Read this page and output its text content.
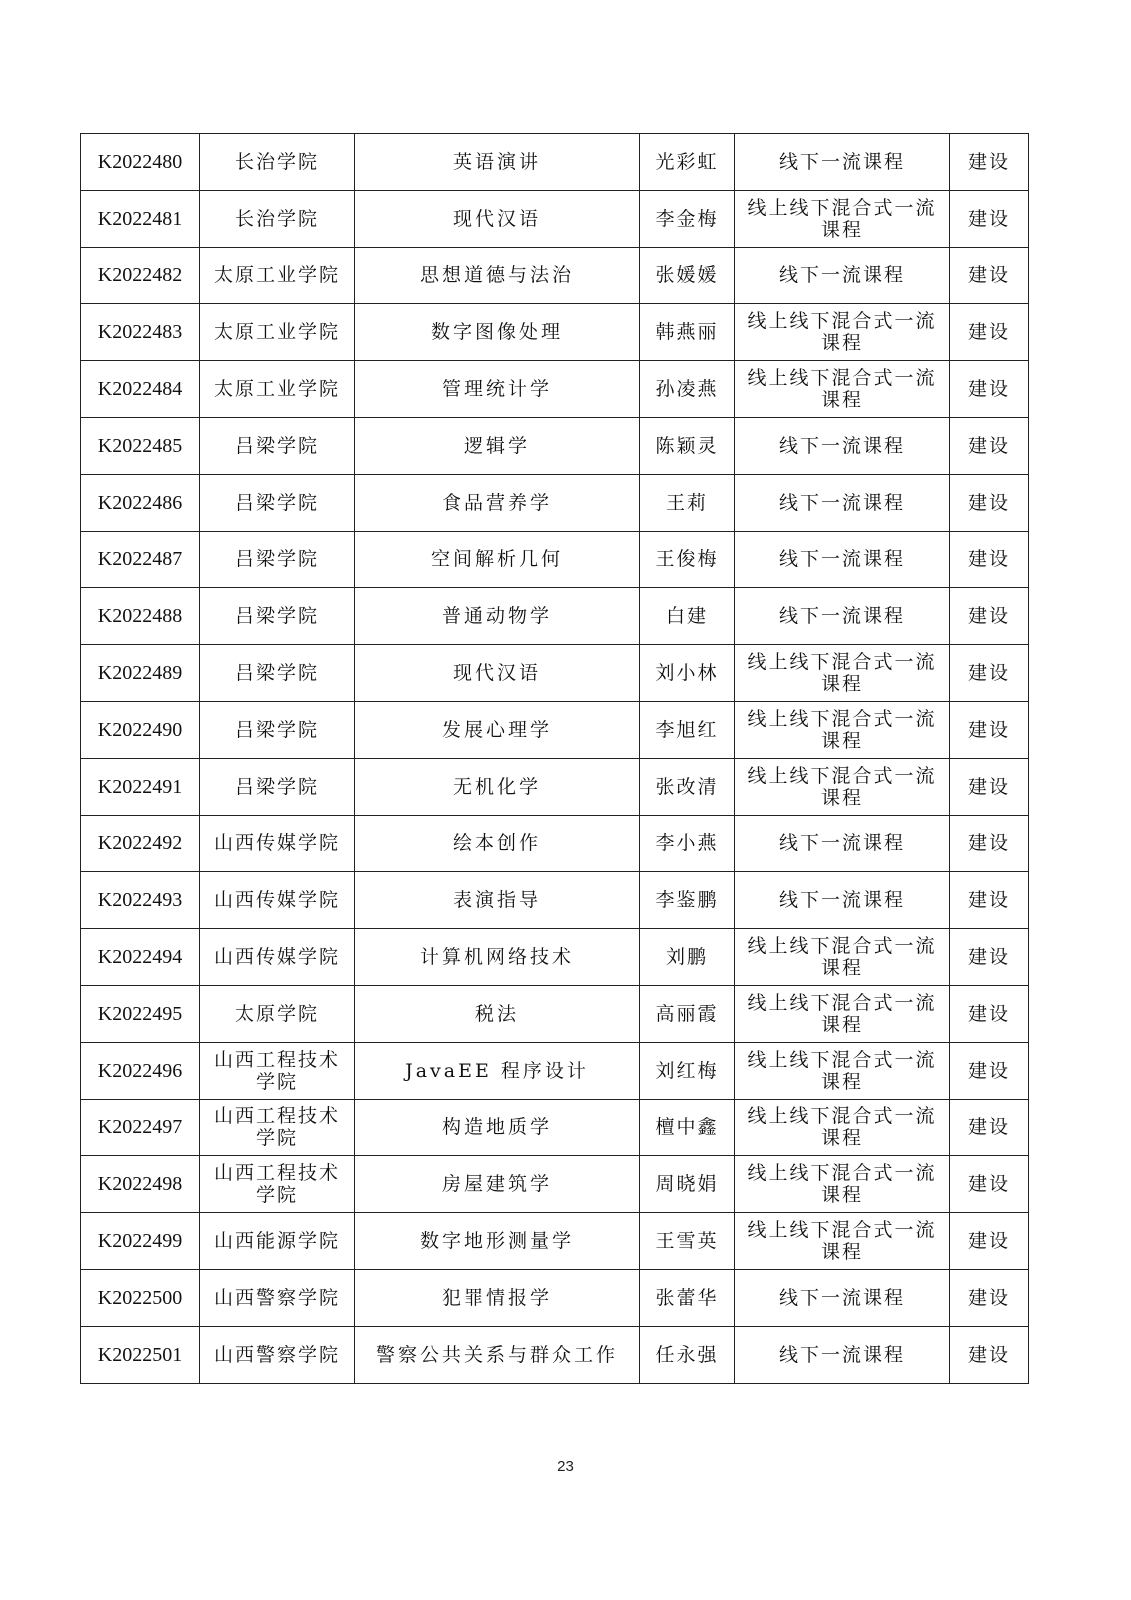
K2022480	长治学院	英语演讲	光彩虹	线下一流课程	建设
K2022481	长治学院	现代汉语	李金梅	线上线下混合式一流课程	建设
K2022482	太原工业学院	思想道德与法治	张媛媛	线下一流课程	建设
K2022483	太原工业学院	数字图像处理	韩燕丽	线上线下混合式一流课程	建设
K2022484	太原工业学院	管理统计学	孙凌燕	线上线下混合式一流课程	建设
K2022485	吕梁学院	逻辑学	陈颖灵	线下一流课程	建设
K2022486	吕梁学院	食品营养学	王莉	线下一流课程	建设
K2022487	吕梁学院	空间解析几何	王俊梅	线下一流课程	建设
K2022488	吕梁学院	普通动物学	白建	线下一流课程	建设
K2022489	吕梁学院	现代汉语	刘小林	线上线下混合式一流课程	建设
K2022490	吕梁学院	发展心理学	李旭红	线上线下混合式一流课程	建设
K2022491	吕梁学院	无机化学	张改清	线上线下混合式一流课程	建设
K2022492	山西传媒学院	绘本创作	李小燕	线下一流课程	建设
K2022493	山西传媒学院	表演指导	李鉴鹏	线下一流课程	建设
K2022494	山西传媒学院	计算机网络技术	刘鹏	线上线下混合式一流课程	建设
K2022495	太原学院	税法	高丽霞	线上线下混合式一流课程	建设
K2022496	山西工程技术学院	JavaEE 程序设计	刘红梅	线上线下混合式一流课程	建设
K2022497	山西工程技术学院	构造地质学	檀中鑫	线上线下混合式一流课程	建设
K2022498	山西工程技术学院	房屋建筑学	周晓娟	线上线下混合式一流课程	建设
K2022499	山西能源学院	数字地形测量学	王雪英	线上线下混合式一流课程	建设
K2022500	山西警察学院	犯罪情报学	张蕾华	线下一流课程	建设
K2022501	山西警察学院	警察公共关系与群众工作	任永强	线下一流课程	建设
23
